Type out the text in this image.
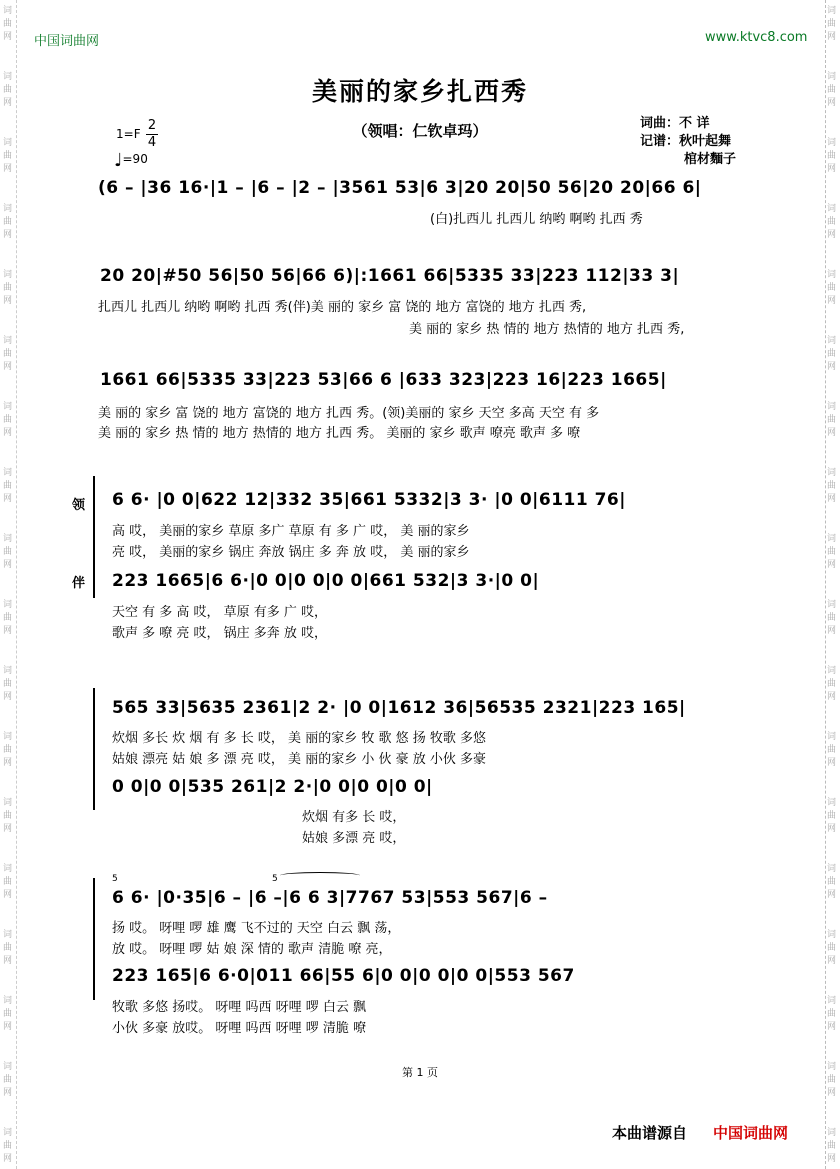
词
曲
网
词
曲
网
词
曲
网
词
曲
网
词
曲
网
词
曲
网
词
曲
网
词
曲
网
词
曲
网
词
曲
网
词
曲
网
词
曲
网
词
曲
网
词
曲
网
词
曲
网
词
曲
网
词
曲
网
词
曲
网
词
曲
网
词
曲
网
词
曲
网
词
曲
网
词
曲
网
词
曲
网
词
曲
网
词
曲
网
词
曲
网
词
曲
网
词
曲
网
词
曲
网
词
曲
网
词
曲
网
词
曲
网
词
曲
网
词
曲
网
词
曲
网
中国词曲网	www.ktvc8.com
美丽的家乡扎西秀
（领唱：仁钦卓玛）	词曲：不 详
记谱：秋叶起舞
棺材麵子
1=F
2
4
♩=90
(6 – |36 16·|1 – |6 – |2 – |3561 53|6 3|20 20|50 56|20 20|66 6|
(白)扎西儿 扎西儿 纳哟 啊哟 扎西 秀
20 20|#50 56|50 56|66 6)|:1661 66|5335 33|223 112|33 3|
扎西儿 扎西儿 纳哟 啊哟 扎西 秀(伴)美 丽的 家乡 富 饶的 地方 富饶的 地方 扎西 秀,
美 丽的 家乡 热 情的 地方 热情的 地方 扎西 秀,
1661 66|5335 33|223 53|66 6 |633 323|223 16|223 1665|
美 丽的 家乡 富 饶的 地方 富饶的 地方 扎西 秀。(领)美丽的 家乡 天空 多高 天空 有 多
美 丽的 家乡 热 情的 地方 热情的 地方 扎西 秀。 美丽的 家乡 歌声 嘹亮 歌声 多 嘹
领
伴
6 6· |0 0|622 12|332 35|661 5332|3 3· |0 0|6111 76|
高 哎， 美丽的家乡 草原 多广 草原 有 多 广 哎， 美 丽的家乡
亮 哎， 美丽的家乡 锅庄 奔放 锅庄 多 奔 放 哎， 美 丽的家乡
223 1665|6 6·|0 0|0 0|0 0|661 532|3 3·|0 0|
天空 有 多 高 哎， 草原 有多 广 哎，
歌声 多 嘹 亮 哎， 锅庄 多奔 放 哎，
565 33|5635 2361|2 2· |0 0|1612 36|56535 2321|223 165|
炊烟 多长 炊 烟 有 多 长 哎， 美 丽的家乡 牧 歌 悠 扬 牧歌 多悠
姑娘 漂亮 姑 娘 多 漂 亮 哎， 美 丽的家乡 小 伙 豪 放 小伙 多豪
0 0|0 0|535 261|2 2·|0 0|0 0|0 0|
炊烟 有多 长 哎，
姑娘 多漂 亮 哎，
5	5
6 6· |0·35|6 – |6 –|6 6 3|7767 53|553 567|6 –
扬 哎。 呀哩 啰 雄 鹰 飞不过的 天空 白云 飘 荡，
放 哎。 呀哩 啰 姑 娘 深 情的 歌声 清脆 嘹 亮，
223 165|6 6·0|011 66|55 6|0 0|0 0|0 0|553 567
牧歌 多悠 扬哎。 呀哩 吗西 呀哩 啰 白云 飘
小伙 多豪 放哎。 呀哩 吗西 呀哩 啰 清脆 嘹
第 1 页
本曲谱源自 中国词曲网
